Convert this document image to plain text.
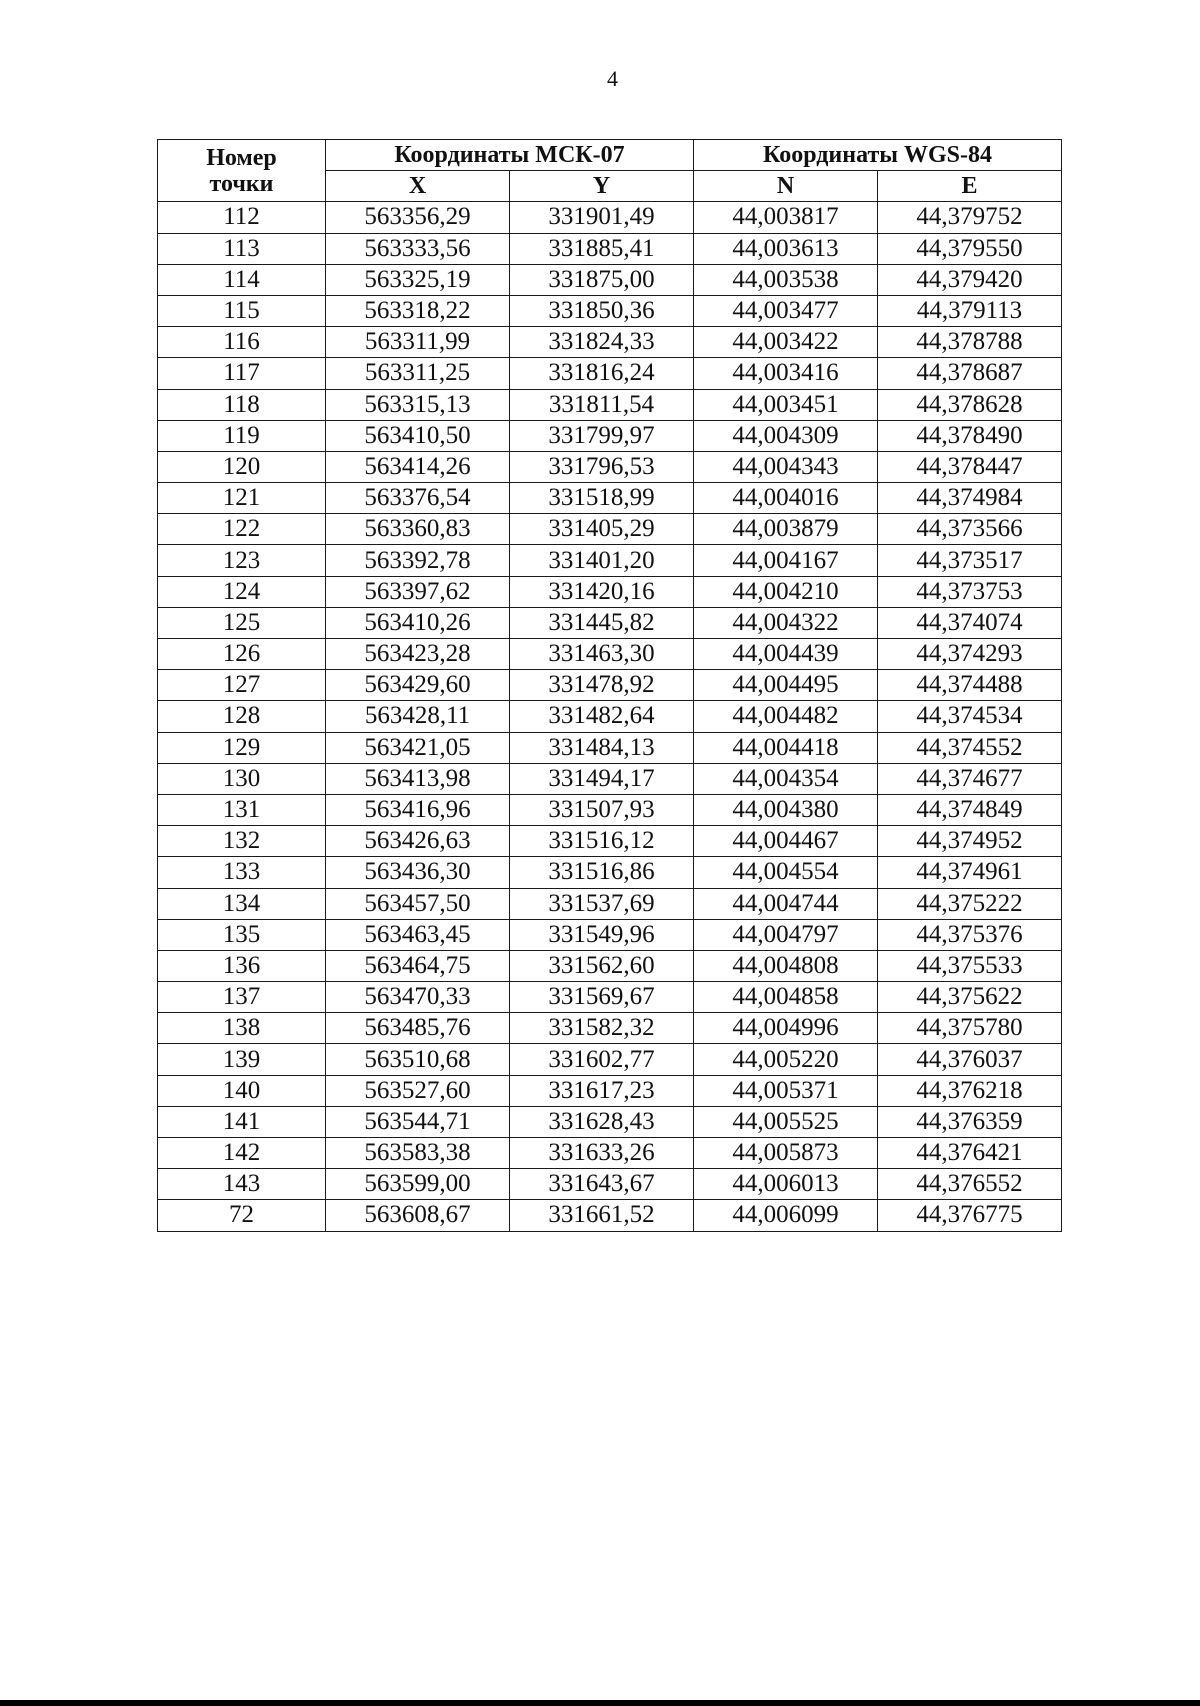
4
Номер
точки	Координаты МСК-07		Координаты WGS-84	
	X	Y	N	E
112	563356,29	331901,49	44,003817	44,379752
113	563333,56	331885,41	44,003613	44,379550
114	563325,19	331875,00	44,003538	44,379420
115	563318,22	331850,36	44,003477	44,379113
116	563311,99	331824,33	44,003422	44,378788
117	563311,25	331816,24	44,003416	44,378687
118	563315,13	331811,54	44,003451	44,378628
119	563410,50	331799,97	44,004309	44,378490
120	563414,26	331796,53	44,004343	44,378447
121	563376,54	331518,99	44,004016	44,374984
122	563360,83	331405,29	44,003879	44,373566
123	563392,78	331401,20	44,004167	44,373517
124	563397,62	331420,16	44,004210	44,373753
125	563410,26	331445,82	44,004322	44,374074
126	563423,28	331463,30	44,004439	44,374293
127	563429,60	331478,92	44,004495	44,374488
128	563428,11	331482,64	44,004482	44,374534
129	563421,05	331484,13	44,004418	44,374552
130	563413,98	331494,17	44,004354	44,374677
131	563416,96	331507,93	44,004380	44,374849
132	563426,63	331516,12	44,004467	44,374952
133	563436,30	331516,86	44,004554	44,374961
134	563457,50	331537,69	44,004744	44,375222
135	563463,45	331549,96	44,004797	44,375376
136	563464,75	331562,60	44,004808	44,375533
137	563470,33	331569,67	44,004858	44,375622
138	563485,76	331582,32	44,004996	44,375780
139	563510,68	331602,77	44,005220	44,376037
140	563527,60	331617,23	44,005371	44,376218
141	563544,71	331628,43	44,005525	44,376359
142	563583,38	331633,26	44,005873	44,376421
143	563599,00	331643,67	44,006013	44,376552
72	563608,67	331661,52	44,006099	44,376775
